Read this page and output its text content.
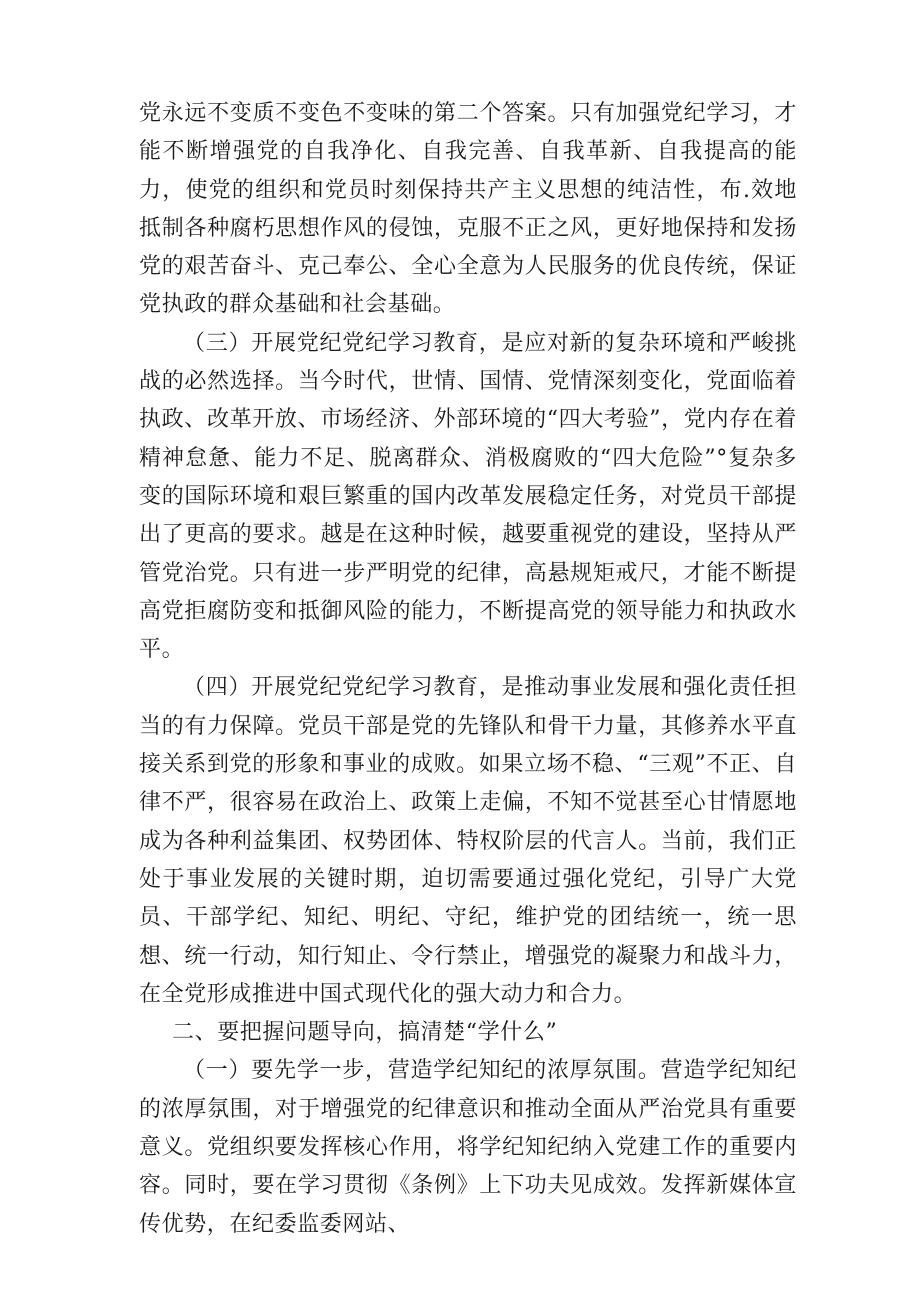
党永远不变质不变色不变味的第二个答案。只有加强党纪学习，才能不断增强党的自我净化、自我完善、自我革新、自我提高的能力，使党的组织和党员时刻保持共产主义思想的纯洁性，布.效地抵制各种腐朽思想作风的侵蚀，克服不正之风，更好地保持和发扬党的艰苦奋斗、克己奉公、全心全意为人民服务的优良传统，保证党执政的群众基础和社会基础。

（三）开展党纪党纪学习教育，是应对新的复杂环境和严峻挑战的必然选择。当今时代，世情、国情、党情深刻变化，党面临着执政、改革开放、市场经济、外部环境的“四大考验”，党内存在着精神怠惫、能力不足、脱离群众、消极腐败的“四大危险”°复杂多变的国际环境和艰巨繁重的国内改革发展稳定任务，对党员干部提出了更高的要求。越是在这种时候，越要重视党的建设，坚持从严管党治党。只有进一步严明党的纪律，高悬规矩戒尺，才能不断提高党拒腐防变和抵御风险的能力，不断提高党的领导能力和执政水平。

（四）开展党纪党纪学习教育，是推动事业发展和强化责任担当的有力保障。党员干部是党的先锋队和骨干力量，其修养水平直接关系到党的形象和事业的成败。如果立场不稳、“三观”不正、自律不严，很容易在政治上、政策上走偏，不知不觉甚至心甘情愿地成为各种利益集团、权势团体、特权阶层的代言人。当前，我们正处于事业发展的关键时期，迫切需要通过强化党纪，引导广大党员、干部学纪、知纪、明纪、守纪，维护党的团结统一，统一思想、统一行动，知行知止、令行禁止，增强党的凝聚力和战斗力，在全党形成推进中国式现代化的强大动力和合力。

二、要把握问题导向，搞清楚“学什么”

（一）要先学一步，营造学纪知纪的浓厚氛围。营造学纪知纪的浓厚氛围，对于增强党的纪律意识和推动全面从严治党具有重要意义。党组织要发挥核心作用，将学纪知纪纳入党建工作的重要内容。同时，要在学习贯彻《条例》上下功夫见成效。发挥新媒体宣传优势，在纪委监委网站、
